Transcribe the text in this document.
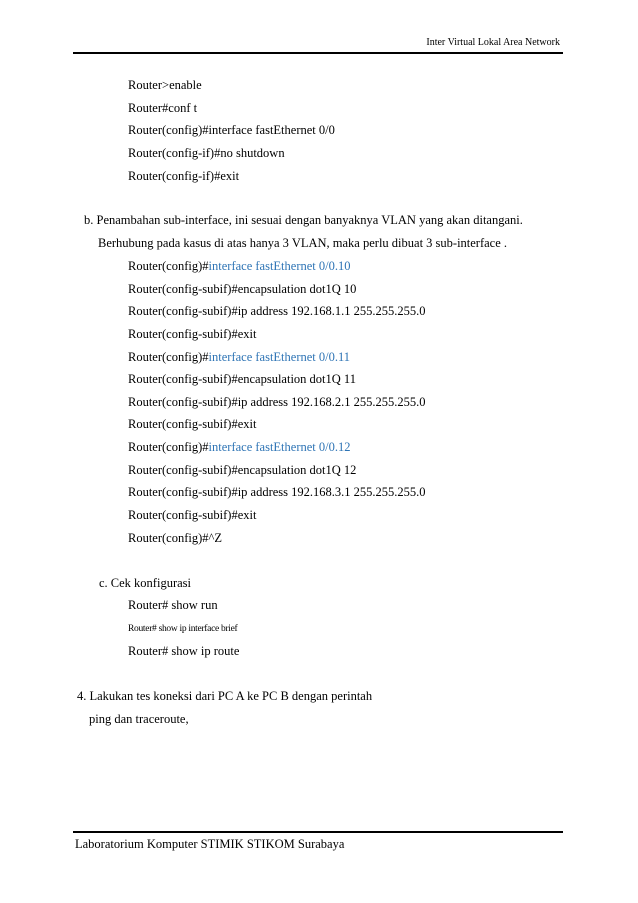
Inter Virtual Lokal Area Network
Router>enable
Router#conf t
Router(config)#interface fastEthernet 0/0
Router(config-if)#no shutdown
Router(config-if)#exit
b. Penambahan sub-interface, ini sesuai dengan banyaknya VLAN yang akan ditangani.
Berhubung pada kasus di atas hanya 3 VLAN, maka perlu dibuat 3 sub-interface .
Router(config)#interface fastEthernet 0/0.10
Router(config-subif)#encapsulation dot1Q 10
Router(config-subif)#ip address 192.168.1.1 255.255.255.0
Router(config-subif)#exit
Router(config)#interface fastEthernet 0/0.11
Router(config-subif)#encapsulation dot1Q 11
Router(config-subif)#ip address 192.168.2.1 255.255.255.0
Router(config-subif)#exit
Router(config)#interface fastEthernet 0/0.12
Router(config-subif)#encapsulation dot1Q 12
Router(config-subif)#ip address 192.168.3.1 255.255.255.0
Router(config-subif)#exit
Router(config)#^Z
c. Cek konfigurasi
Router# show run
Router# show ip interface brief
Router# show ip route
4. Lakukan tes koneksi dari PC A ke PC B dengan perintah
ping dan traceroute,
Laboratorium Komputer STIMIK STIKOM Surabaya
